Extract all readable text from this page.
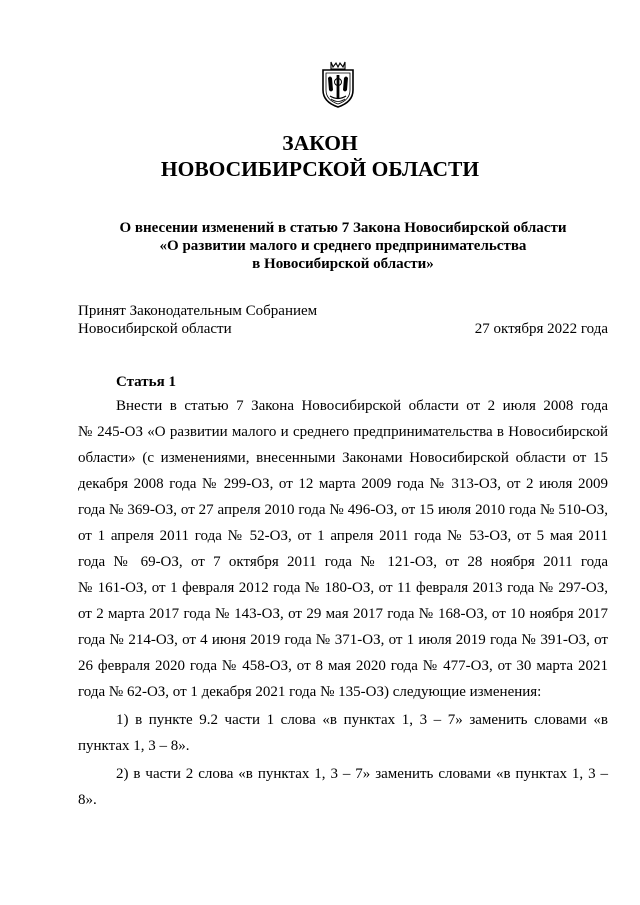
ЗАКОН
НОВОСИБИРСКОЙ ОБЛАСТИ
О внесении изменений в статью 7 Закона Новосибирской области
«О развитии малого и среднего предпринимательства
в Новосибирской области»
Принят Законодательным Собранием
Новосибирской области	27 октября 2022 года
Статья 1
Внести в статью 7 Закона Новосибирской области от 2 июля 2008 года
№ 245-ОЗ «О развитии малого и среднего предпринимательства в Новосибирской
области» (с изменениями, внесенными Законами Новосибирской области от 15
декабря 2008 года № 299-ОЗ, от 12 марта 2009 года № 313-ОЗ, от 2 июля 2009
года № 369-ОЗ, от 27 апреля 2010 года № 496-ОЗ, от 15 июля 2010 года № 510-ОЗ,
от 1 апреля 2011 года № 52-ОЗ, от 1 апреля 2011 года № 53-ОЗ, от 5 мая 2011
года № 69-ОЗ, от 7 октября 2011 года № 121-ОЗ, от 28 ноября 2011 года
№ 161-ОЗ, от 1 февраля 2012 года № 180-ОЗ, от 11 февраля 2013 года № 297-ОЗ,
от 2 марта 2017 года № 143-ОЗ, от 29 мая 2017 года № 168-ОЗ, от 10 ноября 2017
года № 214-ОЗ, от 4 июня 2019 года № 371-ОЗ, от 1 июля 2019 года № 391-ОЗ, от
26 февраля 2020 года № 458-ОЗ, от 8 мая 2020 года № 477-ОЗ, от 30 марта 2021
года № 62-ОЗ, от 1 декабря 2021 года № 135-ОЗ) следующие изменения:
1) в пункте 9.2 части 1 слова «в пунктах 1, 3 – 7» заменить словами «в
пунктах 1, 3 – 8».
2) в части 2 слова «в пунктах 1, 3 – 7» заменить словами «в пунктах 1, 3 –
8».
